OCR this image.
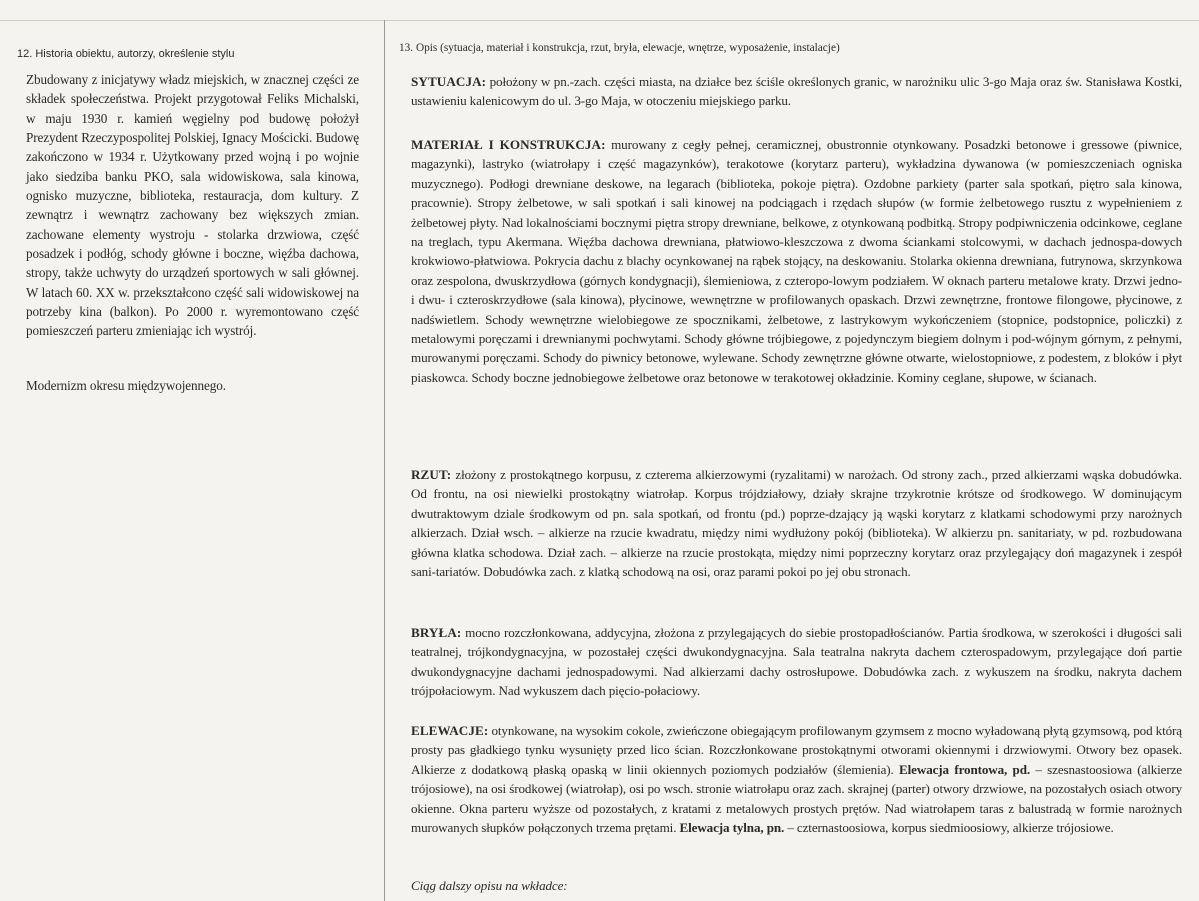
12. Historia obiektu, autorzy, określenie stylu

Zbudowany z inicjatywy władz miejskich, w znacznej części ze składek społeczeństwa. Projekt przygotował Feliks Michalski, w maju 1930 r. kamień węgielny pod budowę położył Prezydent Rzeczypospolitej Polskiej, Ignacy Mościcki. Budowę zakończono w 1934 r. Użytkowany przed wojną i po wojnie jako siedziba banku PKO, sala widowiskowa, sala kinowa, ognisko muzyczne, biblioteka, restauracja, dom kultury. Z zewnątrz i wewnątrz zachowany bez większych zmian. zachowane elementy wystroju - stolarka drzwiowa, część posadzek i podłóg, schody główne i boczne, więźba dachowa, stropy, także uchwyty do urządzeń sportowych w sali głównej. W latach 60. XX w. przekształcono część sali widowiskowej na potrzeby kina (balkon). Po 2000 r. wyremontowano część pomieszczeń parteru zmieniając ich wystrój.

Modernizm okresu międzywojennego.

13. Opis (sytuacja, materiał i konstrukcja, rzut, bryła, elewacje, wnętrze, wyposażenie, instalacje)

SYTUACJA: położony w pn.-zach. części miasta, na działce bez ściśle określonych granic, w narożniku ulic 3-go Maja oraz św. Stanisława Kostki, ustawieniu kalenicowym do ul. 3-go Maja, w otoczeniu miejskiego parku.

MATERIAŁ I KONSTRUKCJA: murowany z cegły pełnej, ceramicznej, obustronnie otynkowany. Posadzki betonowe i gressowe (piwnice, magazynki), lastryko (wiatrołapy i część magazynków), terakotowe (korytarz parteru), wykładzina dywanowa (w pomieszczeniach ogniska muzycznego). Podłogi drewniane deskowe, na legarach (biblioteka, pokoje piętra). Ozdobne parkiety (parter sala spotkań, piętro sala kinowa, pracownie). Stropy żelbetowe, w sali spotkań i sali kinowej na podciągach i rzędach słupów (w formie żelbetowego rusztu z wypełnieniem z żelbetowej płyty. Nad lokalnościami bocznymi piętra stropy drewniane, belkowe, z otynkowaną podbitką. Stropy podpiwniczenia odcinkowe, ceglane na treglach, typu Akermana. Więźba dachowa drewniana, płatwiowo-kleszczowa z dwoma ściankami stolcowymi, w dachach jednospa-dowych krokwiowo-płatwiowa. Pokrycia dachu z blachy ocynkowanej na rąbek stojący, na deskowaniu. Stolarka okienna drewniana, futrynowa, skrzynkowa oraz zespolona, dwuskrzydłowa (górnych kondygnacji), ślemieniowa, z czteropo-lowym podziałem. W oknach parteru metalowe kraty. Drzwi jedno- i dwu- i czteroskrzydłowe (sala kinowa), płycinowe, wewnętrzne w profilowanych opaskach. Drzwi zewnętrzne, frontowe filongowe, płycinowe, z nadświetlem. Schody wewnętrzne wielobiegowe ze spocznikami, żelbetowe, z lastrykowym wykończeniem (stopnice, podstopnice, policzki) z metalowymi poręczami i drewnianymi pochwytami. Schody główne trójbiegowe, z pojedynczym biegiem dolnym i pod-wójnym górnym, z pełnymi, murowanymi poręczami. Schody do piwnicy betonowe, wylewane. Schody zewnętrzne główne otwarte, wielostopniowe, z podestem, z bloków i płyt piaskowca. Schody boczne jednobiegowe żelbetowe oraz betonowe w terakotowej okładzinie. Kominy ceglane, słupowe, w ścianach.

RZUT: złożony z prostokątnego korpusu, z czterema alkierzowymi (ryzalitami) w narożach. Od strony zach., przed alkierzami wąska dobudówka. Od frontu, na osi niewielki prostokątny wiatrołap. Korpus trójdziałowy, działy skrajne trzykrotnie krótsze od środkowego. W dominującym dwutraktowym dziale środkowym od pn. sala spotkań, od frontu (pd.) poprze-dzający ją wąski korytarz z klatkami schodowymi przy narożnych alkierzach. Dział wsch. – alkierze na rzucie kwadratu, między nimi wydłużony pokój (biblioteka). W alkierzu pn. sanitariaty, w pd. rozbudowana główna klatka schodowa. Dział zach. – alkierze na rzucie prostokąta, między nimi poprzeczny korytarz oraz przylegający doń magazynek i zespół sani-tariatów. Dobudówka zach. z klatką schodową na osi, oraz parami pokoi po jej obu stronach.

BRYŁA: mocno rozczłonkowana, addycyjna, złożona z przylegających do siebie prostopadłościanów. Partia środkowa, w szerokości i długości sali teatralnej, trójkondygnacyjna, w pozostałej części dwukondygnacyjna. Sala teatralna nakryta dachem czterospadowym, przylegające doń partie dwukondygnacyjne dachami jednospadowymi. Nad alkierzami dachy ostrosłupowe. Dobudówka zach. z wykuszem na środku, nakryta dachem trójpołaciowym. Nad wykuszem dach pięcio-połaciowy.

ELEWACJE: otynkowane, na wysokim cokole, zwieńczone obiegającym profilowanym gzymsem z mocno wyładowaną płytą gzymsową, pod którą prosty pas gładkiego tynku wysunięty przed lico ścian. Rozczłonkowane prostokątnymi otworami okiennymi i drzwiowymi. Otwory bez opasek. Alkierze z dodatkową płaską opaską w linii okiennych poziomych podziałów (ślemienia). Elewacja frontowa, pd. – szesnastoosiowa (alkierze trójosiowe), na osi środkowej (wiatrołap), osi po wsch. stronie wiatrołapu oraz zach. skrajnej (parter) otwory drzwiowe, na pozostałych osiach otwory okienne. Okna parteru wyższe od pozostałych, z kratami z metalowych prostych prętów. Nad wiatrołapem taras z balustradą w formie narożnych murowanych słupków połączonych trzema prętami. Elewacja tylna, pn. – czternastoosiowa, korpus siedmioosiowy, alkierze trójosiowe.

Ciąg dalszy opisu na wkładce:
